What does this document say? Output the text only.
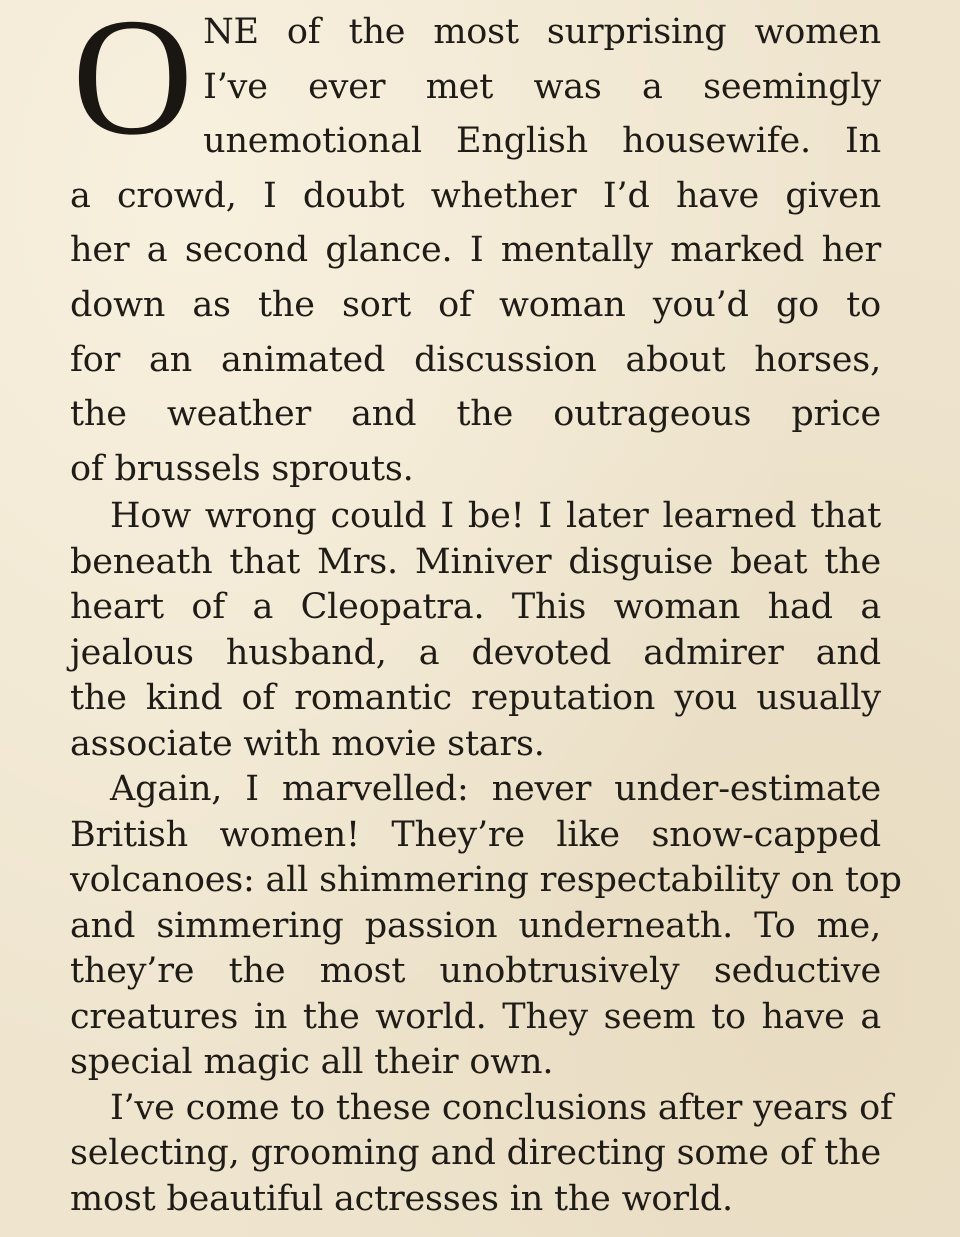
O NE of the most surprising women
I’ve ever met was a seemingly
unemotional English housewife. In
a crowd, I doubt whether I’d have given
her a second glance. I mentally marked her
down as the sort of woman you’d go to
for an animated discussion about horses,
the weather and the outrageous price
of brussels sprouts.
How wrong could I be! I later learned that
beneath that Mrs. Miniver disguise beat the
heart of a Cleopatra. This woman had a
jealous husband, a devoted admirer and
the kind of romantic reputation you usually
associate with movie stars.
Again, I marvelled: never under-estimate
British women! They’re like snow-capped
volcanoes: all shimmering respectability on top
and simmering passion underneath. To me,
they’re the most unobtrusively seductive
creatures in the world. They seem to have a
special magic all their own.
I’ve come to these conclusions after years of
selecting, grooming and directing some of the
most beautiful actresses in the world.
